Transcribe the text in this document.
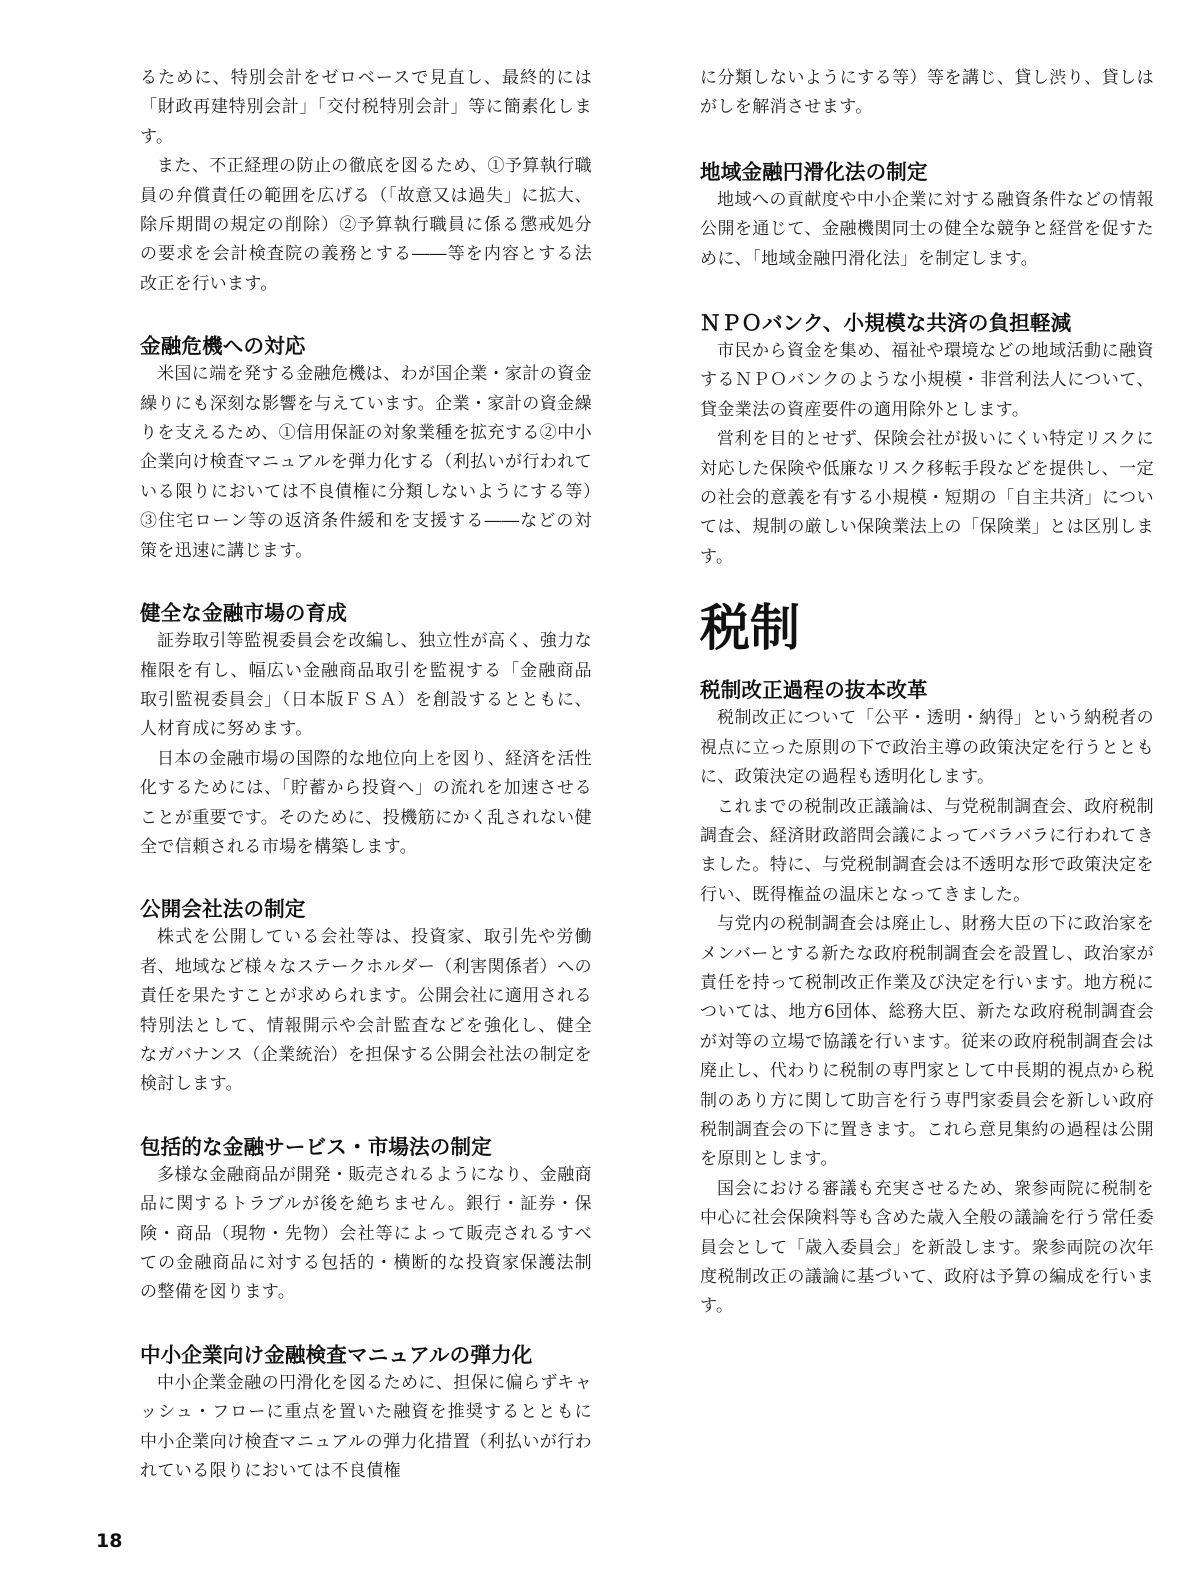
るために、特別会計をゼロベースで見直し、最終的には「財政再建特別会計」「交付税特別会計」等に簡素化します。

また、不正経理の防止の徹底を図るため、①予算執行職員の弁償責任の範囲を広げる（「故意又は過失」に拡大、除斥期間の規定の削除）②予算執行職員に係る懲戒処分の要求を会計検査院の義務とする――等を内容とする法改正を行います。

金融危機への対応

米国に端を発する金融危機は、わが国企業・家計の資金繰りにも深刻な影響を与えています。企業・家計の資金繰りを支えるため、①信用保証の対象業種を拡充する②中小企業向け検査マニュアルを弾力化する（利払いが行われている限りにおいては不良債権に分類しないようにする等）③住宅ローン等の返済条件緩和を支援する――などの対策を迅速に講じます。

健全な金融市場の育成

証券取引等監視委員会を改編し、独立性が高く、強力な権限を有し、幅広い金融商品取引を監視する「金融商品取引監視委員会」（日本版ＦＳＡ）を創設するとともに、人材育成に努めます。

日本の金融市場の国際的な地位向上を図り、経済を活性化するためには、「貯蓄から投資へ」の流れを加速させることが重要です。そのために、投機筋にかく乱されない健全で信頼される市場を構築します。

公開会社法の制定

株式を公開している会社等は、投資家、取引先や労働者、地域など様々なステークホルダー（利害関係者）への責任を果たすことが求められます。公開会社に適用される特別法として、情報開示や会計監査などを強化し、健全なガバナンス（企業統治）を担保する公開会社法の制定を検討します。

包括的な金融サービス・市場法の制定

多様な金融商品が開発・販売されるようになり、金融商品に関するトラブルが後を絶ちません。銀行・証券・保険・商品（現物・先物）会社等によって販売されるすべての金融商品に対する包括的・横断的な投資家保護法制の整備を図ります。

中小企業向け金融検査マニュアルの弾力化

中小企業金融の円滑化を図るために、担保に偏らずキャッシュ・フローに重点を置いた融資を推奨するとともに中小企業向け検査マニュアルの弾力化措置（利払いが行われている限りにおいては不良債権

に分類しないようにする等）等を講じ、貸し渋り、貸しはがしを解消させます。

地域金融円滑化法の制定

地域への貢献度や中小企業に対する融資条件などの情報公開を通じて、金融機関同士の健全な競争と経営を促すために、「地域金融円滑化法」を制定します。

ＮＰＯバンク、小規模な共済の負担軽減

市民から資金を集め、福祉や環境などの地域活動に融資するＮＰＯバンクのような小規模・非営利法人について、貸金業法の資産要件の適用除外とします。

営利を目的とせず、保険会社が扱いにくい特定リスクに対応した保険や低廉なリスク移転手段などを提供し、一定の社会的意義を有する小規模・短期の「自主共済」については、規制の厳しい保険業法上の「保険業」とは区別します。

税制
税制改正過程の抜本改革

税制改正について「公平・透明・納得」という納税者の視点に立った原則の下で政治主導の政策決定を行うとともに、政策決定の過程も透明化します。

これまでの税制改正議論は、与党税制調査会、政府税制調査会、経済財政諮問会議によってバラバラに行われてきました。特に、与党税制調査会は不透明な形で政策決定を行い、既得権益の温床となってきました。

与党内の税制調査会は廃止し、財務大臣の下に政治家をメンバーとする新たな政府税制調査会を設置し、政治家が責任を持って税制改正作業及び決定を行います。地方税については、地方6団体、総務大臣、新たな政府税制調査会が対等の立場で協議を行います。従来の政府税制調査会は廃止し、代わりに税制の専門家として中長期的視点から税制のあり方に関して助言を行う専門家委員会を新しい政府税制調査会の下に置きます。これら意見集約の過程は公開を原則とします。

国会における審議も充実させるため、衆参両院に税制を中心に社会保険料等も含めた歳入全般の議論を行う常任委員会として「歳入委員会」を新設します。衆参両院の次年度税制改正の議論に基づいて、政府は予算の編成を行います。

18
